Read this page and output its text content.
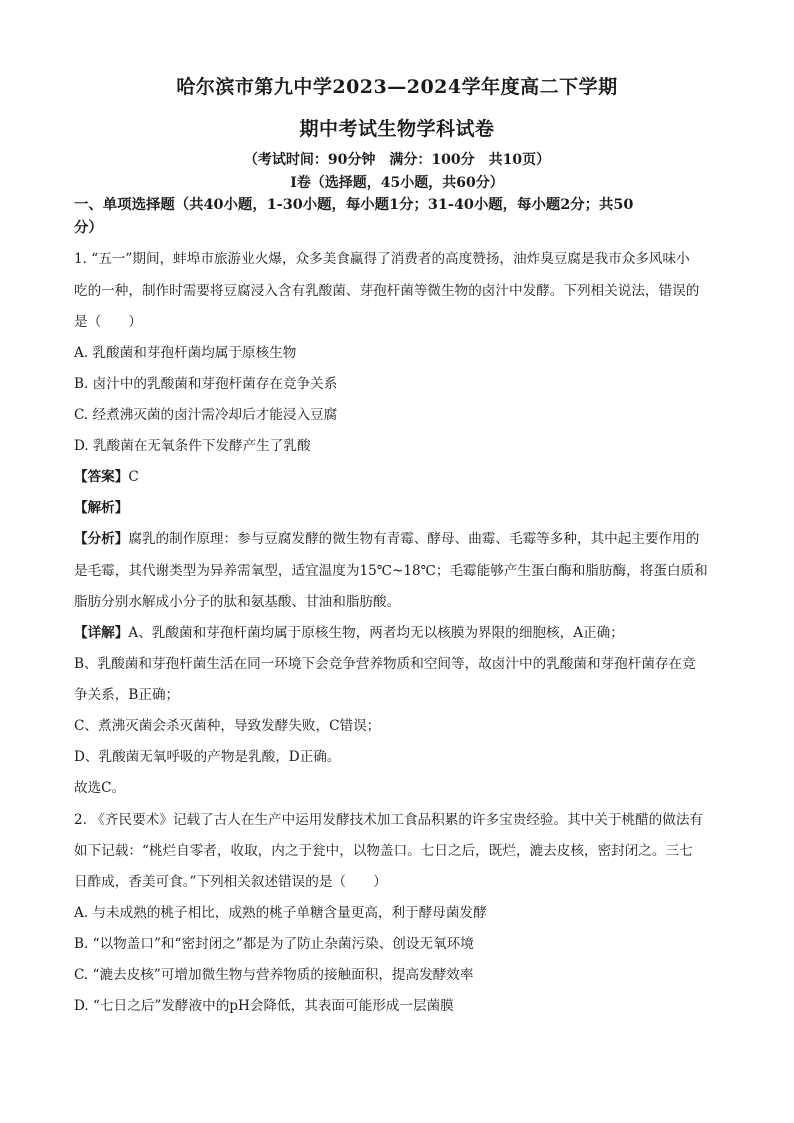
哈尔滨市第九中学2023—2024学年度高二下学期
期中考试生物学科试卷
（考试时间：90分钟　满分：100分　共10页）
Ⅰ卷（选择题，45小题，共60分）
一、单项选择题（共40小题，1-30小题，每小题1分；31-40小题，每小题2分；共50
分）
1. “五一”期间，蚌埠市旅游业火爆，众多美食赢得了消费者的高度赞扬，油炸臭豆腐是我市众多风味小
吃的一种，制作时需要将豆腐浸入含有乳酸菌、芽孢杆菌等微生物的卤汁中发酵。下列相关说法，错误的
是（　　）
A. 乳酸菌和芽孢杆菌均属于原核生物
B. 卤汁中的乳酸菌和芽孢杆菌存在竞争关系
C. 经煮沸灭菌的卤汁需冷却后才能浸入豆腐
D. 乳酸菌在无氧条件下发酵产生了乳酸
【答案】C
【解析】
【分析】腐乳的制作原理：参与豆腐发酵的微生物有青霉、酵母、曲霉、毛霉等多种，其中起主要作用的
是毛霉，其代谢类型为异养需氧型，适宜温度为15℃~18℃；毛霉能够产生蛋白酶和脂肪酶，将蛋白质和
脂肪分别水解成小分子的肽和氨基酸、甘油和脂肪酸。
【详解】A、乳酸菌和芽孢杆菌均属于原核生物，两者均无以核膜为界限的细胞核，A正确；
B、乳酸菌和芽孢杆菌生活在同一环境下会竞争营养物质和空间等，故卤汁中的乳酸菌和芽孢杆菌存在竞
争关系，B正确；
C、煮沸灭菌会杀灭菌种，导致发酵失败，C错误；
D、乳酸菌无氧呼吸的产物是乳酸，D正确。
故选C。
2. 《齐民要术》记载了古人在生产中运用发酵技术加工食品积累的许多宝贵经验。其中关于桃醋的做法有
如下记载：“桃烂自零者，收取，内之于瓮中，以物盖口。七日之后，既烂，漉去皮核，密封闭之。三七
日酢成，香美可食。”下列相关叙述错误的是（　　）
A. 与未成熟的桃子相比，成熟的桃子单糖含量更高，利于酵母菌发酵
B. “以物盖口”和“密封闭之”都是为了防止杂菌污染、创设无氧环境
C. “漉去皮核”可增加微生物与营养物质的接触面积，提高发酵效率
D. “七日之后”发酵液中的pH会降低，其表面可能形成一层菌膜
